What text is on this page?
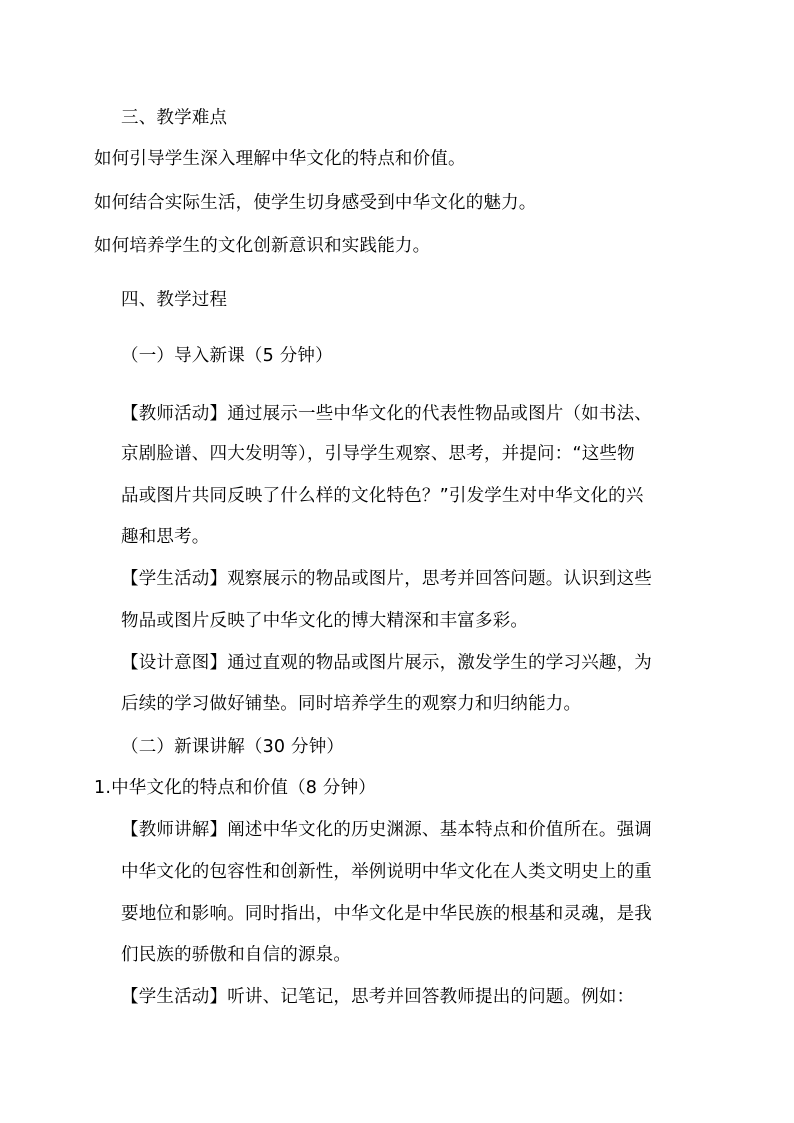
三、教学难点
如何引导学生深入理解中华文化的特点和价值。
如何结合实际生活，使学生切身感受到中华文化的魅力。
如何培养学生的文化创新意识和实践能力。
四、教学过程
（一）导入新课（5 分钟）
【教师活动】通过展示一些中华文化的代表性物品或图片（如书法、
京剧脸谱、四大发明等），引导学生观察、思考，并提问：“这些物
品或图片共同反映了什么样的文化特色？”引发学生对中华文化的兴
趣和思考。
【学生活动】观察展示的物品或图片，思考并回答问题。认识到这些
物品或图片反映了中华文化的博大精深和丰富多彩。
【设计意图】通过直观的物品或图片展示，激发学生的学习兴趣，为
后续的学习做好铺垫。同时培养学生的观察力和归纳能力。
（二）新课讲解（30 分钟）
1.中华文化的特点和价值（8 分钟）
【教师讲解】阐述中华文化的历史渊源、基本特点和价值所在。强调
中华文化的包容性和创新性，举例说明中华文化在人类文明史上的重
要地位和影响。同时指出，中华文化是中华民族的根基和灵魂，是我
们民族的骄傲和自信的源泉。
【学生活动】听讲、记笔记，思考并回答教师提出的问题。例如：
